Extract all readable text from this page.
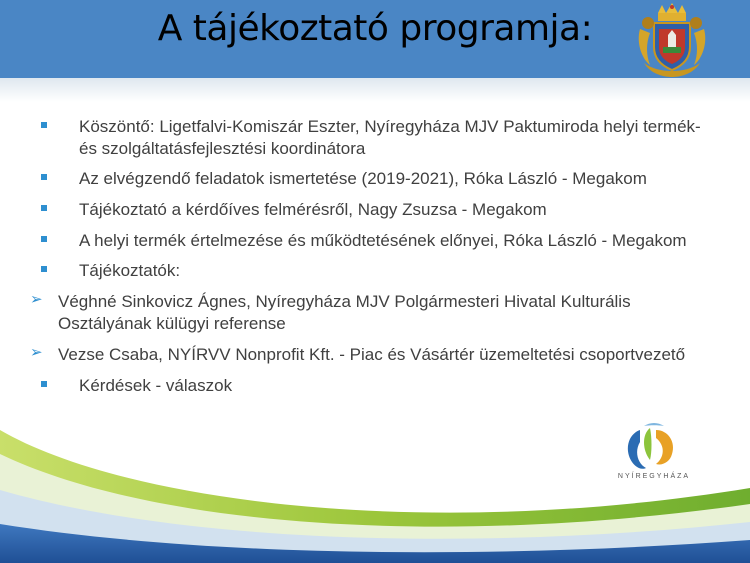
A tájékoztató programja:
Köszöntő: Ligetfalvi-Komiszár Eszter, Nyíregyháza MJV Paktumiroda helyi termék- és szolgáltatásfejlesztési koordinátora
Az elvégzendő feladatok ismertetése (2019-2021), Róka László - Megakom
Tájékoztató a kérdőíves felmérésről, Nagy Zsuzsa - Megakom
A helyi termék értelmezése és működtetésének előnyei, Róka László - Megakom
Tájékoztatók:
➢ Véghné Sinkovicz Ágnes, Nyíregyháza MJV Polgármesteri Hivatal Kulturális Osztályának külügyi referense
➢ Vezse Csaba, NYÍRVV Nonprofit Kft. - Piac és Vásártér üzemeltetési csoportvezető
Kérdések - válaszok
NYÍREGYHÁZA
